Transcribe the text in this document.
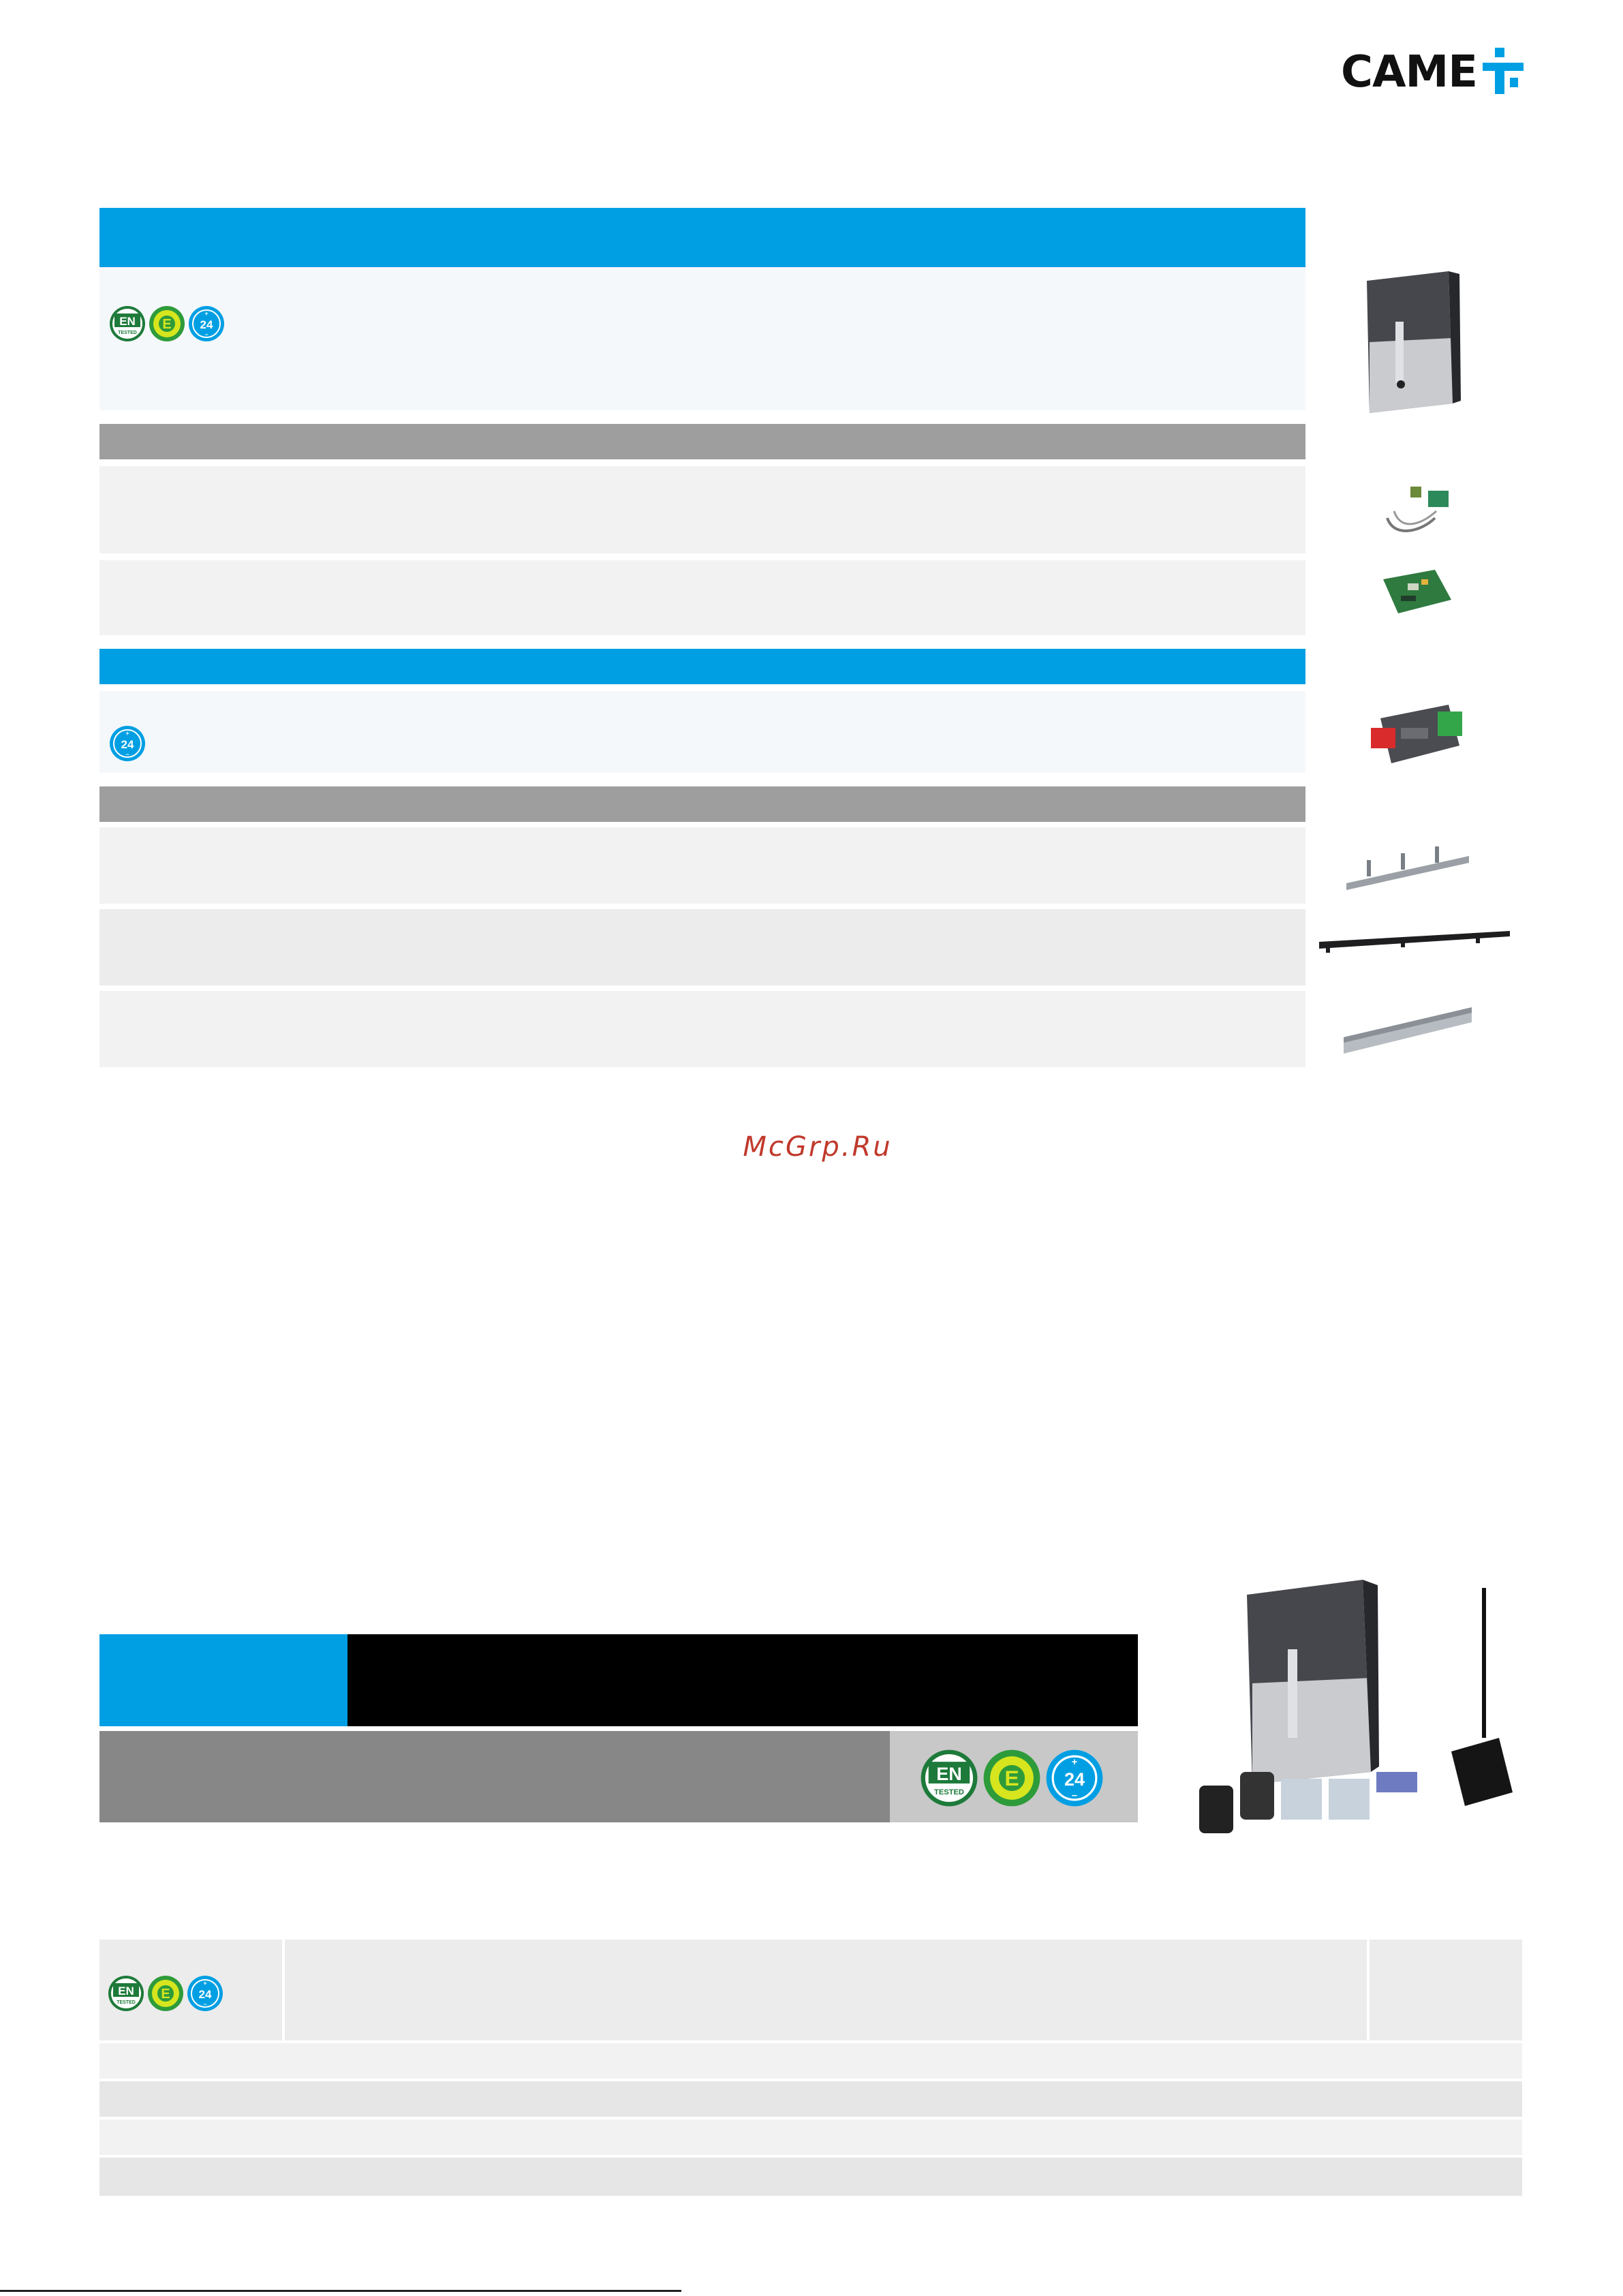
CAME
EN
TESTED
E
+
24
−
+
24
−
McGrp.Ru
EN
TESTED
E
+
24
−
EN
TESTED
E
+
24
−
